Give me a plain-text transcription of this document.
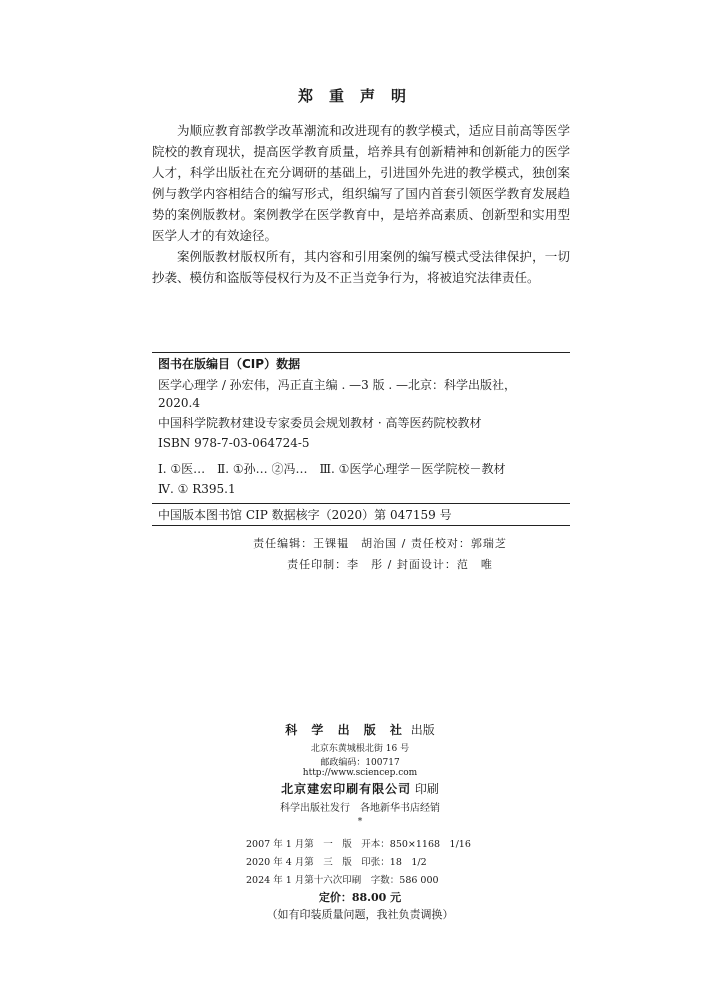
郑重声明

为顺应教育部教学改革潮流和改进现有的教学模式，适应目前高等医学院校的教育现状，提高医学教育质量，培养具有创新精神和创新能力的医学人才，科学出版社在充分调研的基础上，引进国外先进的教学模式，独创案例与教学内容相结合的编写形式，组织编写了国内首套引领医学教育发展趋势的案例版教材。案例教学在医学教育中，是培养高素质、创新型和实用型医学人才的有效途径。

案例版教材版权所有，其内容和引用案例的编写模式受法律保护，一切抄袭、模仿和盗版等侵权行为及不正当竞争行为，将被追究法律责任。

图书在版编目（CIP）数据
医学心理学 / 孙宏伟，冯正直主编 . —3 版 . —北京：科学出版社，
2020.4
中国科学院教材建设专家委员会规划教材 · 高等医药院校教材
ISBN 978-7-03-064724-5
Ⅰ. ①医…　Ⅱ. ①孙… ②冯…　Ⅲ. ①医学心理学－医学院校－教材
Ⅳ. ① R395.1
中国版本图书馆 CIP 数据核字（2020）第 047159 号
责任编辑：王锞韫　胡治国 / 责任校对：郭瑞芝
责任印制：李　彤 / 封面设计：范　唯
科 学 出 版 社 出版
北京东黄城根北街 16 号
邮政编码：100717
http://www.sciencep.com
北京建宏印刷有限公司 印刷
科学出版社发行　各地新华书店经销
*
2007 年 1 月第　一　版　开本：850×1168　1/16
2020 年 4 月第　三　版　印张：18　1/2
2024 年 1 月第十六次印刷　字数：586 000
定价：88.00 元
（如有印装质量问题，我社负责调换）
